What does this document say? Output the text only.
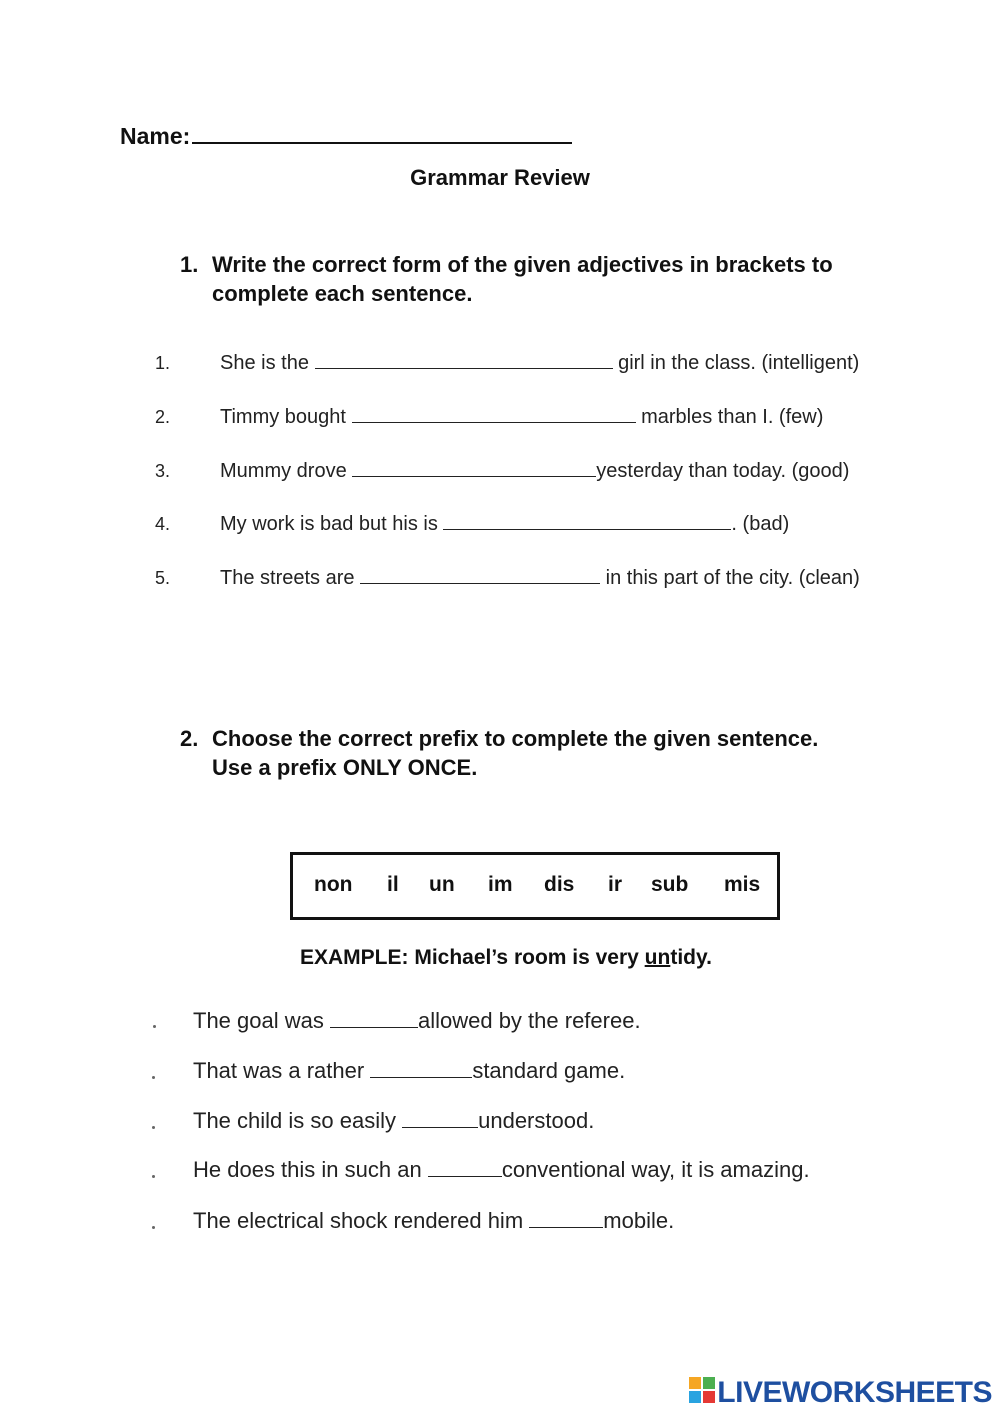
Name:
Grammar Review
1. Write the correct form of the given adjectives in brackets to
complete each sentence.
1. She is the	girl in the class. (intelligent)
2. Timmy bought	marbles than I. (few)
3. Mummy drove	yesterday than today. (good)
4. My work is bad but his is	. (bad)
5. The streets are	in this part of the city. (clean)
2. Choose the correct prefix to complete the given sentence.
Use a prefix ONLY ONCE.
non il un im dis ir sub mis
EXAMPLE: Michael’s room is very untidy.
The goal was	allowed by the referee.
That was a rather	standard game.
The child is so easily	understood.
He does this in such an	conventional way, it is amazing.
The electrical shock rendered him	mobile.
LIVEWORKSHEETS
